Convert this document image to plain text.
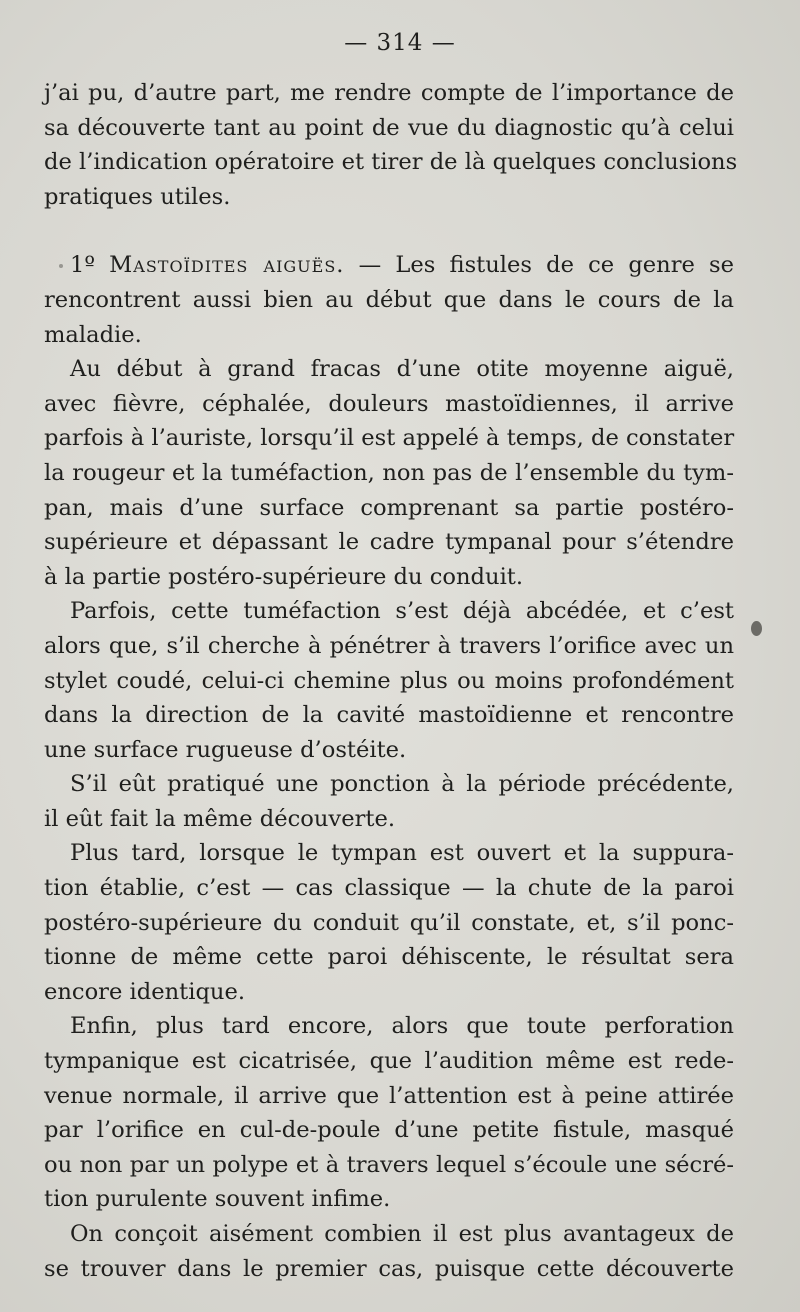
— 314 —
j’ai pu, d’autre part, me rendre compte de l’importance de
sa découverte tant au point de vue du diagnostic qu’à celui
de l’indication opératoire et tirer de là quelques conclusions
pratiques utiles.
1º Mastoïdites aiguës. — Les fistules de ce genre se
rencontrent aussi bien au début que dans le cours de la
maladie.
Au début à grand fracas d’une otite moyenne aiguë,
avec fièvre, céphalée, douleurs mastoïdiennes, il arrive
parfois à l’auriste, lorsqu’il est appelé à temps, de constater
la rougeur et la tuméfaction, non pas de l’ensemble du tym-
pan, mais d’une surface comprenant sa partie postéro-
supérieure et dépassant le cadre tympanal pour s’étendre
à la partie postéro-supérieure du conduit.
Parfois, cette tuméfaction s’est déjà abcédée, et c’est
alors que, s’il cherche à pénétrer à travers l’orifice avec un
stylet coudé, celui-ci chemine plus ou moins profondément
dans la direction de la cavité mastoïdienne et rencontre
une surface rugueuse d’ostéite.
S’il eût pratiqué une ponction à la période précédente,
il eût fait la même découverte.
Plus tard, lorsque le tympan est ouvert et la suppura-
tion établie, c’est — cas classique — la chute de la paroi
postéro-supérieure du conduit qu’il constate, et, s’il ponc-
tionne de même cette paroi déhiscente, le résultat sera
encore identique.
Enfin, plus tard encore, alors que toute perforation
tympanique est cicatrisée, que l’audition même est rede-
venue normale, il arrive que l’attention est à peine attirée
par l’orifice en cul-de-poule d’une petite fistule, masqué
ou non par un polype et à travers lequel s’écoule une sécré-
tion purulente souvent infime.
On conçoit aisément combien il est plus avantageux de
se trouver dans le premier cas, puisque cette découverte
